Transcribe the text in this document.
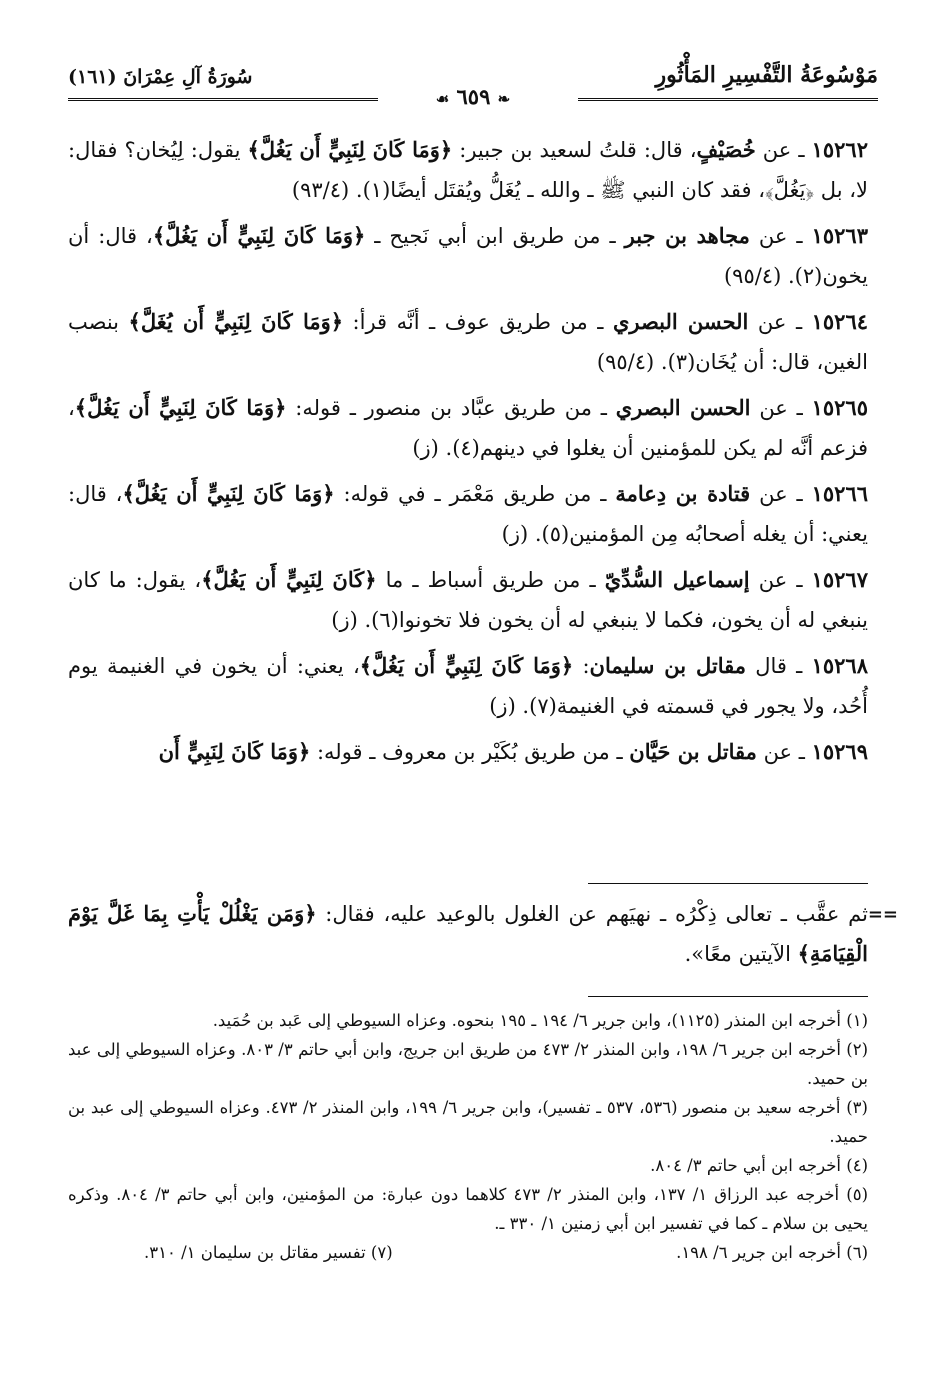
مَوْسُوعَةُ التَّفْسِيرِ المَأْثُورِ
سُورَةُ آلِ عِمْرَانَ (١٦١)
❧ ٦٥٩ ☙
١٥٢٦٢ ـ عن خُصَيْفٍ، قال: قلتُ لسعيد بن جبير: ﴿وَمَا كَانَ لِنَبِيٍّ أَن يَغُلَّ﴾ يقول: لِيُخان؟ فقال: لا، بل ﴿يَغُلَّ﴾، فقد كان النبي ﷺ ـ والله ـ يُغَلُّ ويُقتَل أيضًا(١). (٩٣/٤)
١٥٢٦٣ ـ عن مجاهد بن جبر ـ من طريق ابن أبي نَجيح ـ ﴿وَمَا كَانَ لِنَبِيٍّ أَن يَغُلَّ﴾، قال: أن يخون(٢). (٩٥/٤)
١٥٢٦٤ ـ عن الحسن البصري ـ من طريق عوف ـ أنَّه قرأ: ﴿وَمَا كَانَ لِنَبِيٍّ أَن يُغَلَّ﴾ بنصب الغين، قال: أن يُخَان(٣). (٩٥/٤)
١٥٢٦٥ ـ عن الحسن البصري ـ من طريق عبَّاد بن منصور ـ قوله: ﴿وَمَا كَانَ لِنَبِيٍّ أَن يَغُلَّ﴾، فزعم أنَّه لم يكن للمؤمنين أن يغلوا في دينهم(٤). (ز)
١٥٢٦٦ ـ عن قتادة بن دِعامة ـ من طريق مَعْمَر ـ في قوله: ﴿وَمَا كَانَ لِنَبِيٍّ أَن يَغُلَّ﴾، قال: يعني: أن يغله أصحابُه مِن المؤمنين(٥). (ز)
١٥٢٦٧ ـ عن إسماعيل السُّدِّيّ ـ من طريق أسباط ـ ما ﴿كَانَ لِنَبِيٍّ أَن يَغُلَّ﴾، يقول: ما كان ينبغي له أن يخون، فكما لا ينبغي له أن يخون فلا تخونوا(٦). (ز)
١٥٢٦٨ ـ قال مقاتل بن سليمان: ﴿وَمَا كَانَ لِنَبِيٍّ أَن يَغُلَّ﴾، يعني: أن يخون في الغنيمة يوم أُحُد، ولا يجور في قسمته في الغنيمة(٧). (ز)
١٥٢٦٩ ـ عن مقاتل بن حَيَّان ـ من طريق بُكَيْر بن معروف ـ قوله: ﴿وَمَا كَانَ لِنَبِيٍّ أَن
==
ثم عقَّب ـ تعالى ذِكْرُه ـ نهيَهم عن الغلول بالوعيد عليه، فقال: ﴿وَمَن يَغْلُلْ يَأْتِ بِمَا غَلَّ يَوْمَ الْقِيَامَةِ﴾ الآيتين معًا».

(١) أخرجه ابن المنذر (١١٢٥)، وابن جرير ٦/ ١٩٤ ـ ١٩٥ بنحوه. وعزاه السيوطي إلى عَبد بن حُمَيد.

(٢) أخرجه ابن جرير ٦/ ١٩٨، وابن المنذر ٢/ ٤٧٣ من طريق ابن جريج، وابن أبي حاتم ٣/ ٨٠٣. وعزاه السيوطي إلى عبد بن حميد.

(٣) أخرجه سعيد بن منصور (٥٣٦، ٥٣٧ ـ تفسير)، وابن جرير ٦/ ١٩٩، وابن المنذر ٢/ ٤٧٣. وعزاه السيوطي إلى عبد بن حميد.

(٤) أخرجه ابن أبي حاتم ٣/ ٨٠٤.

(٥) أخرجه عبد الرزاق ١/ ١٣٧، وابن المنذر ٢/ ٤٧٣ كلاهما دون عبارة: من المؤمنين، وابن أبي حاتم ٣/ ٨٠٤. وذكره يحيى بن سلام ـ كما في تفسير ابن أبي زمنين ١/ ٣٣٠ ـ.

(٦) أخرجه ابن جرير ٦/ ١٩٨.
(٧) تفسير مقاتل بن سليمان ١/ ٣١٠.
